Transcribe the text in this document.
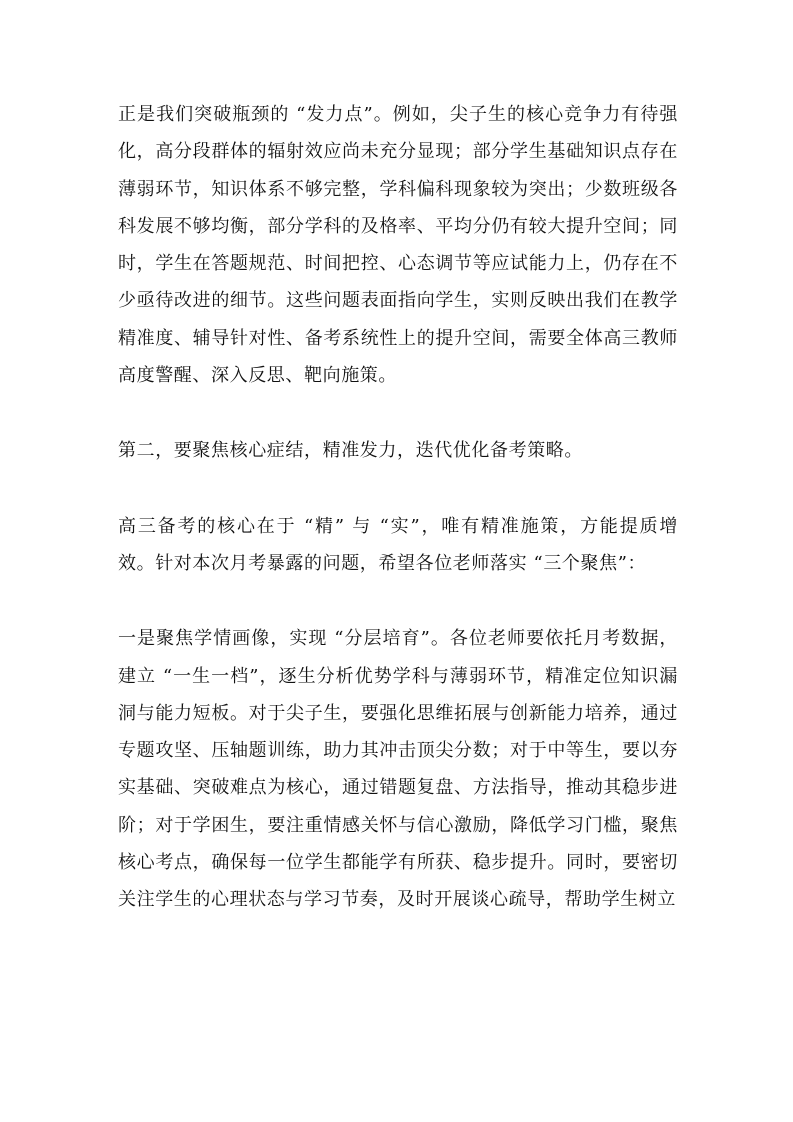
正是我们突破瓶颈的 “发力点”。例如，尖子生的核心竞争力有待强化，高分段群体的辐射效应尚未充分显现；部分学生基础知识点存在薄弱环节，知识体系不够完整，学科偏科现象较为突出；少数班级各科发展不够均衡，部分学科的及格率、平均分仍有较大提升空间；同时，学生在答题规范、时间把控、心态调节等应试能力上，仍存在不少亟待改进的细节。这些问题表面指向学生，实则反映出我们在教学精准度、辅导针对性、备考系统性上的提升空间，需要全体高三教师高度警醒、深入反思、靶向施策。

第二，要聚焦核心症结，精准发力，迭代优化备考策略。

高三备考的核心在于 “精” 与 “实”，唯有精准施策，方能提质增效。针对本次月考暴露的问题，希望各位老师落实 “三个聚焦”：

一是聚焦学情画像，实现 “分层培育”。各位老师要依托月考数据，建立 “一生一档”，逐生分析优势学科与薄弱环节，精准定位知识漏洞与能力短板。对于尖子生，要强化思维拓展与创新能力培养，通过专题攻坚、压轴题训练，助力其冲击顶尖分数；对于中等生，要以夯实基础、突破难点为核心，通过错题复盘、方法指导，推动其稳步进阶；对于学困生，要注重情感关怀与信心激励，降低学习门槛，聚焦核心考点，确保每一位学生都能学有所获、稳步提升。同时，要密切关注学生的心理状态与学习节奏，及时开展谈心疏导，帮助学生树立
